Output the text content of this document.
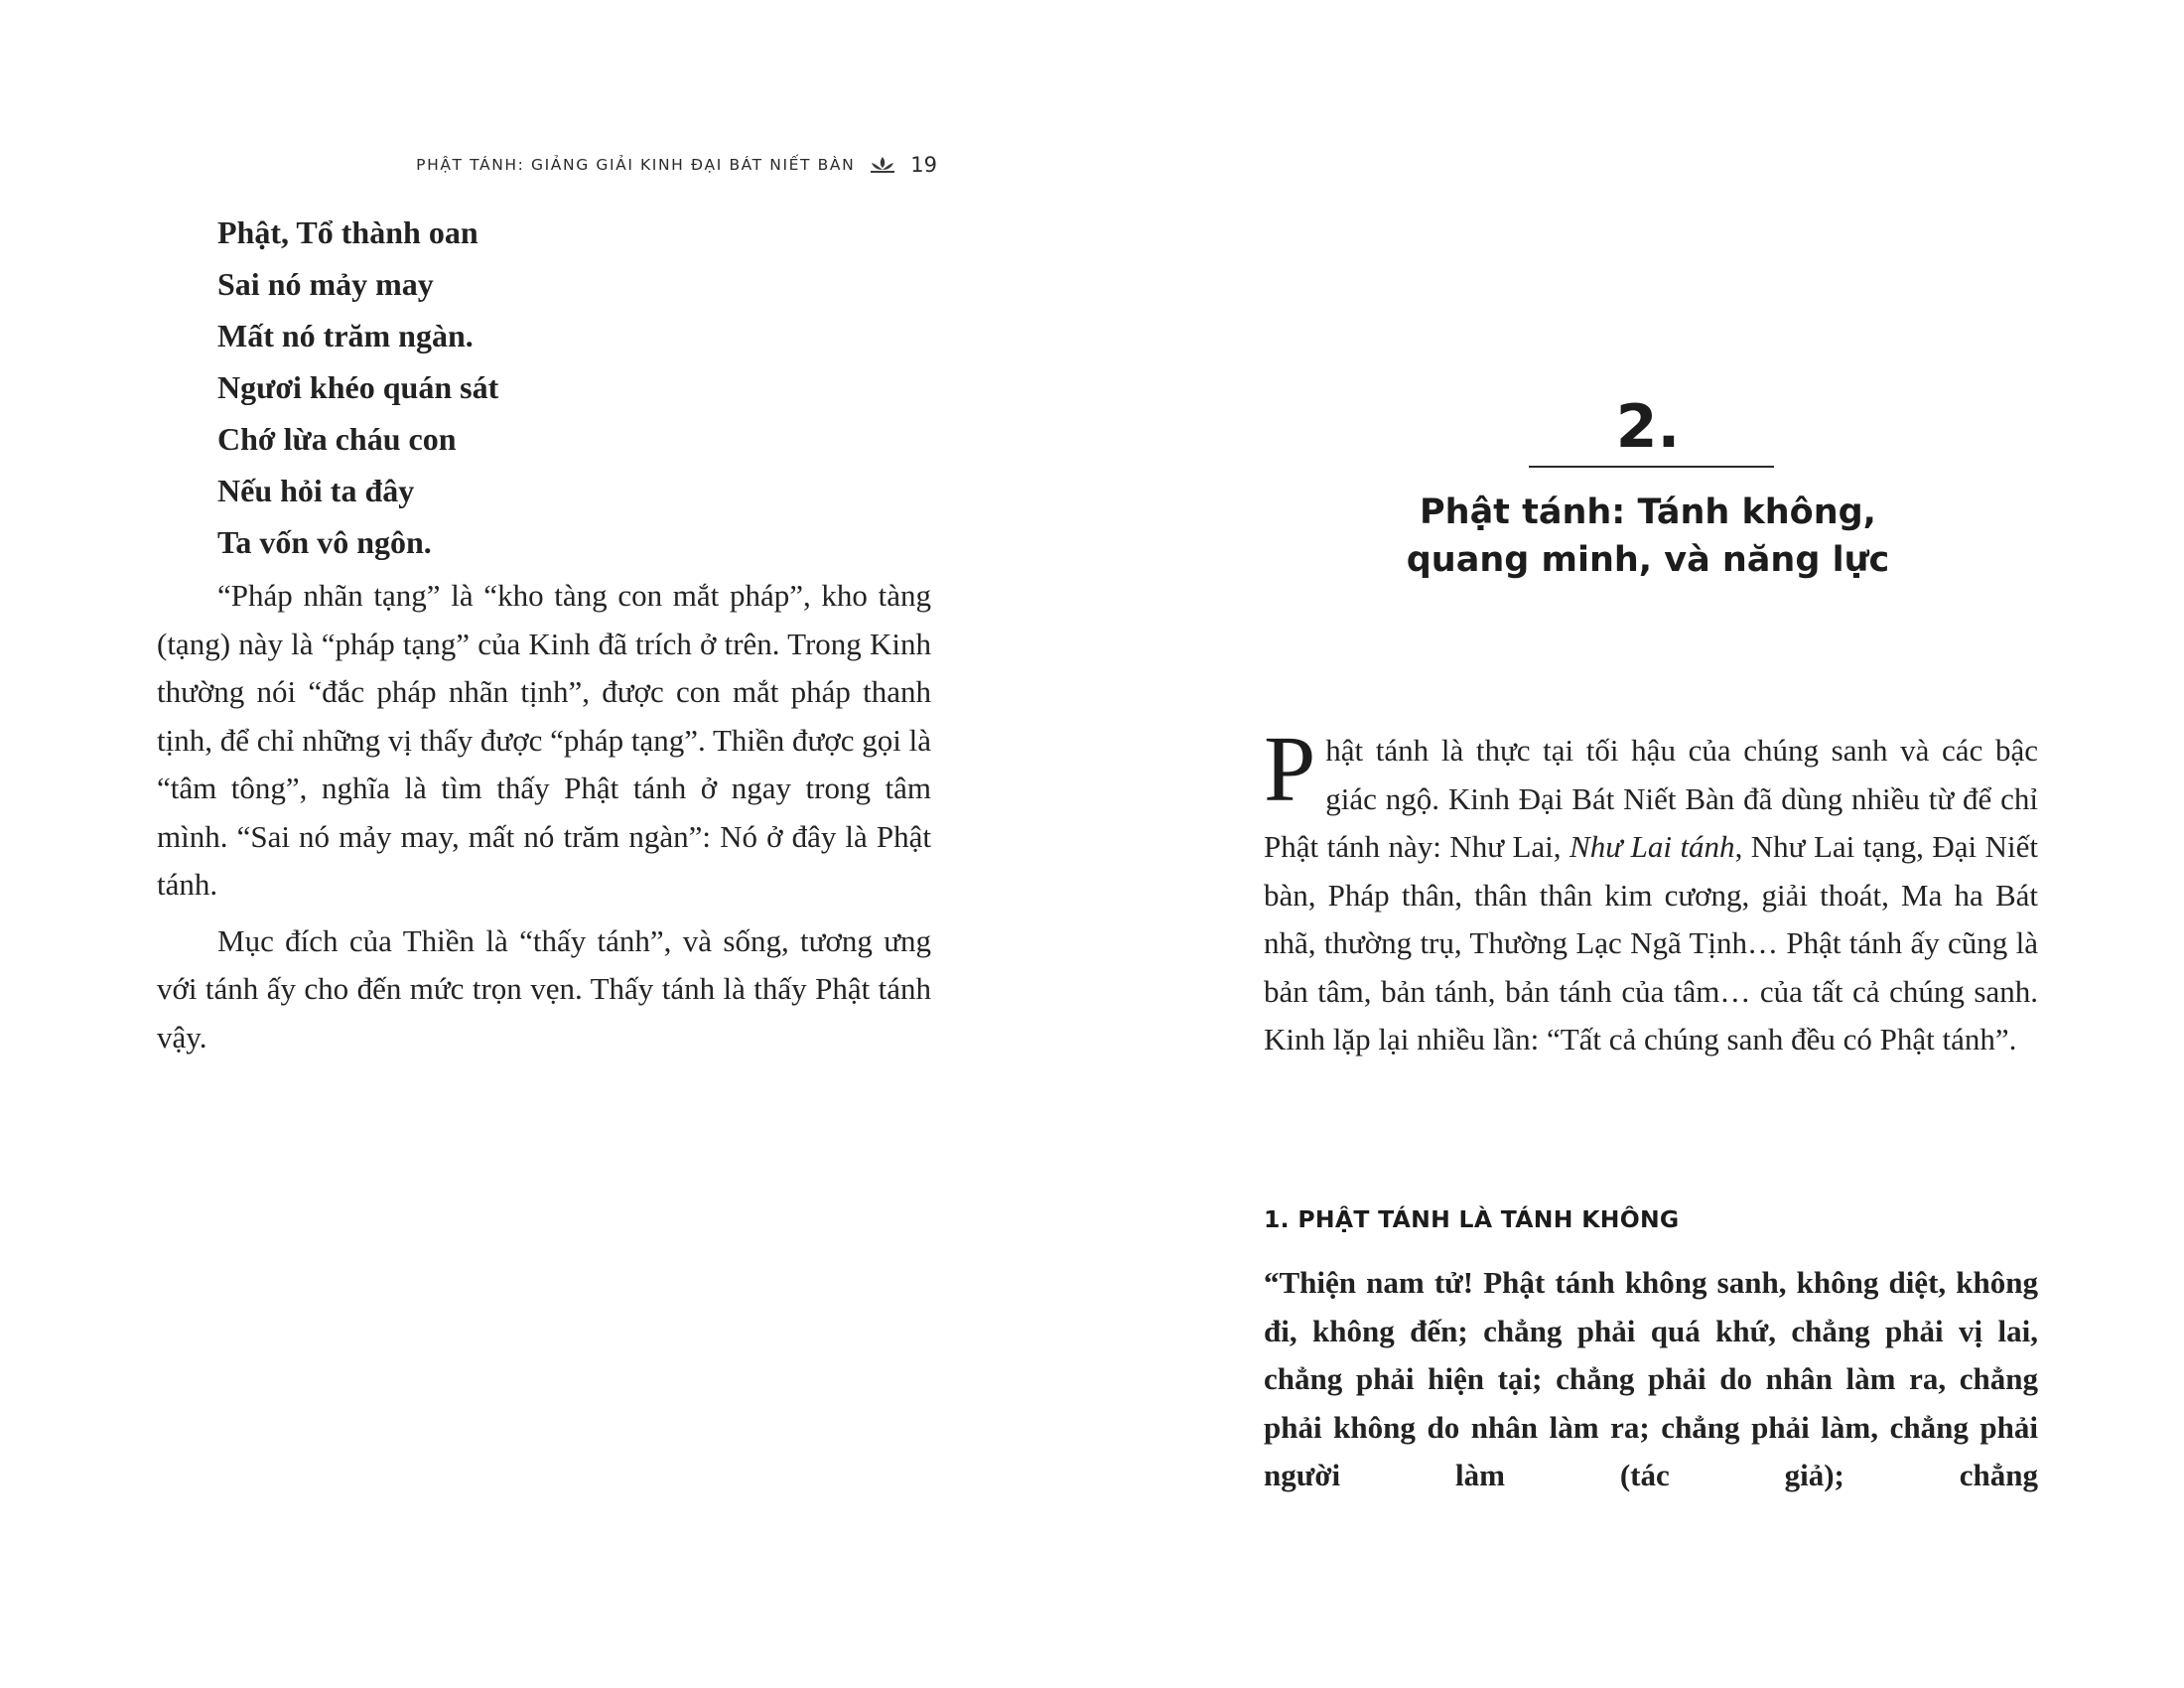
PHẬT TÁNH: GIẢNG GIẢI KINH ĐẠI BÁT NIẾT BÀN	19
Phật, Tổ thành oan
Sai nó mảy may
Mất nó trăm ngàn.
Ngươi khéo quán sát
Chớ lừa cháu con
Nếu hỏi ta đây
Ta vốn vô ngôn.

“Pháp nhãn tạng” là “kho tàng con mắt pháp”, kho tàng (tạng) này là “pháp tạng” của Kinh đã trích ở trên. Trong Kinh thường nói “đắc pháp nhãn tịnh”, được con mắt pháp thanh tịnh, để chỉ những vị thấy được “pháp tạng”. Thiền được gọi là “tâm tông”, nghĩa là tìm thấy Phật tánh ở ngay trong tâm mình. “Sai nó mảy may, mất nó trăm ngàn”: Nó ở đây là Phật tánh.

Mục đích của Thiền là “thấy tánh”, và sống, tương ưng với tánh ấy cho đến mức trọn vẹn. Thấy tánh là thấy Phật tánh vậy.

2.
Phật tánh: Tánh không,
quang minh, và năng lực

Phật tánh là thực tại tối hậu của chúng sanh và các bậc giác ngộ. Kinh Đại Bát Niết Bàn đã dùng nhiều từ để chỉ Phật tánh này: Như Lai, Như Lai tánh, Như Lai tạng, Đại Niết bàn, Pháp thân, thân thân kim cương, giải thoát, Ma ha Bát nhã, thường trụ, Thường Lạc Ngã Tịnh… Phật tánh ấy cũng là bản tâm, bản tánh, bản tánh của tâm… của tất cả chúng sanh. Kinh lặp lại nhiều lần: “Tất cả chúng sanh đều có Phật tánh”.

1. PHẬT TÁNH LÀ TÁNH KHÔNG

“Thiện nam tử! Phật tánh không sanh, không diệt, không đi, không đến; chẳng phải quá khứ, chẳng phải vị lai, chẳng phải hiện tại; chẳng phải do nhân làm ra, chẳng phải không do nhân làm ra; chẳng phải làm, chẳng phải người làm (tác giả); chẳng
